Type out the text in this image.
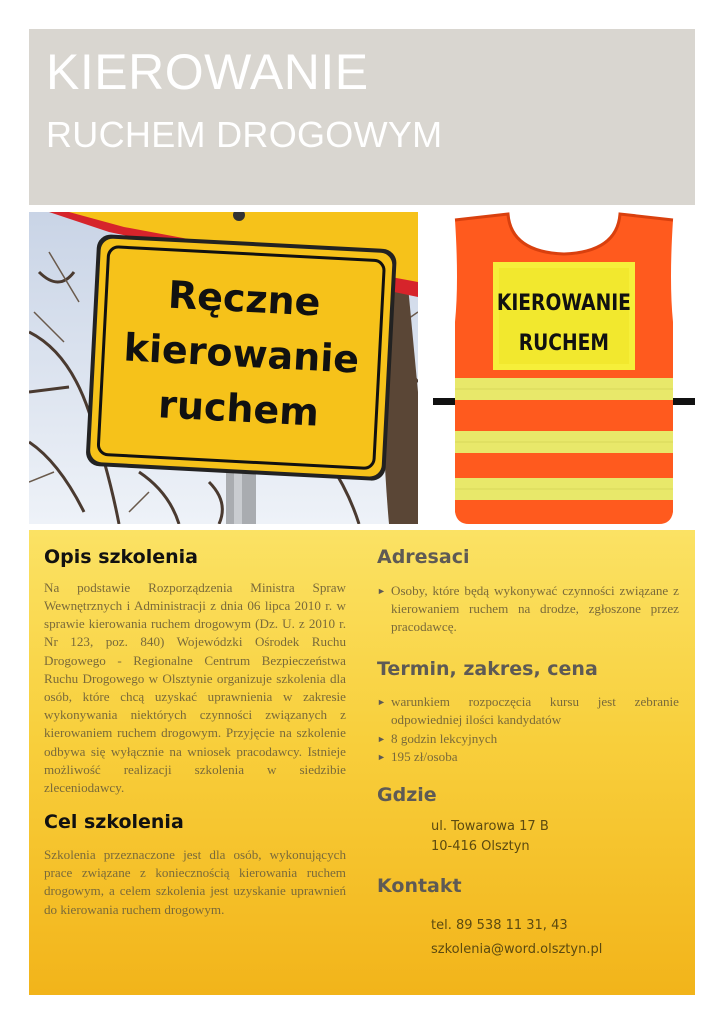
KIEROWANIE
RUCHEM DROGOWYM
Ręczne
kierowanie
ruchem
KIEROWANIE
RUCHEM
Opis szkolenia

Na podstawie Rozporządzenia Ministra Spraw Wewnętrznych i Administracji z dnia 06 lipca 2010 r. w sprawie kierowania ruchem drogowym (Dz. U. z 2010 r. Nr 123, poz. 840) Wojewódzki Ośrodek Ruchu Drogowego - Regionalne Centrum Bezpieczeństwa Ruchu Drogowego w Olsztynie organizuje szkolenia dla osób, które chcą uzyskać uprawnienia w zakresie wykonywania niektórych czynności związanych z kierowaniem ruchem drogowym. Przyjęcie na szkolenie odbywa się wyłącznie na wniosek pracodawcy. Istnieje możliwość realizacji szkolenia w siedzibie zleceniodawcy.

Cel szkolenia

Szkolenia przeznaczone jest dla osób, wykonujących prace związane z koniecznością kierowania ruchem drogowym, a celem szkolenia jest uzyskanie uprawnień do kierowania ruchem drogowym.

Adresaci
► Osoby, które będą wykonywać czynności związane z kierowaniem ruchem na drodze, zgłoszone przez pracodawcę.
Termin, zakres, cena
► warunkiem rozpoczęcia kursu jest zebranie odpowiedniej ilości kandydatów
► 8 godzin lekcyjnych
► 195 zł/osoba
Gdzie
ul. Towarowa 17 B
10-416 Olsztyn
Kontakt
tel. 89 538 11 31, 43
szkolenia@word.olsztyn.pl
